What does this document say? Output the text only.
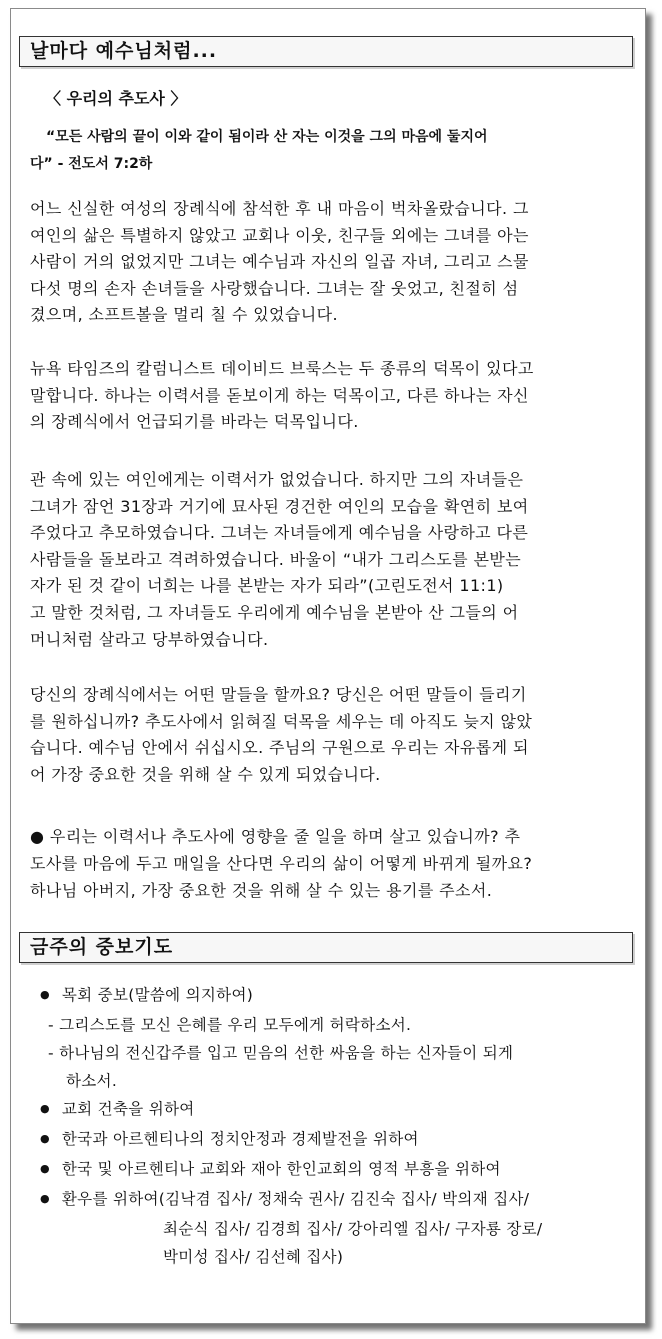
날마다 예수님처럼...
〈 우리의 추도사 〉
“모든 사람의 끝이 이와 같이 됨이라 산 자는 이것을 그의 마음에 둘지어
다” - 전도서 7:2하
어느 신실한 여성의 장례식에 참석한 후 내 마음이 벅차올랐습니다. 그
여인의 삶은 특별하지 않았고 교회나 이웃, 친구들 외에는 그녀를 아는
사람이 거의 없었지만 그녀는 예수님과 자신의 일곱 자녀, 그리고 스물
다섯 명의 손자 손녀들을 사랑했습니다. 그녀는 잘 웃었고, 친절히 섬
겼으며, 소프트볼을 멀리 칠 수 있었습니다.
뉴욕 타임즈의 칼럼니스트 데이비드 브룩스는 두 종류의 덕목이 있다고
말합니다. 하나는 이력서를 돋보이게 하는 덕목이고, 다른 하나는 자신
의 장례식에서 언급되기를 바라는 덕목입니다.
관 속에 있는 여인에게는 이력서가 없었습니다. 하지만 그의 자녀들은
그녀가 잠언 31장과 거기에 묘사된 경건한 여인의 모습을 확연히 보여
주었다고 추모하였습니다. 그녀는 자녀들에게 예수님을 사랑하고 다른
사람들을 돌보라고 격려하였습니다. 바울이 “내가 그리스도를 본받는
자가 된 것 같이 너희는 나를 본받는 자가 되라”(고린도전서 11:1)
고 말한 것처럼, 그 자녀들도 우리에게 예수님을 본받아 산 그들의 어
머니처럼 살라고 당부하였습니다.
당신의 장례식에서는 어떤 말들을 할까요? 당신은 어떤 말들이 들리기
를 원하십니까? 추도사에서 읽혀질 덕목을 세우는 데 아직도 늦지 않았
습니다. 예수님 안에서 쉬십시오. 주님의 구원으로 우리는 자유롭게 되
어 가장 중요한 것을 위해 살 수 있게 되었습니다.
● 우리는 이력서나 추도사에 영향을 줄 일을 하며 살고 있습니까? 추
도사를 마음에 두고 매일을 산다면 우리의 삶이 어떻게 바뀌게 될까요?
하나님 아버지, 가장 중요한 것을 위해 살 수 있는 용기를 주소서.
금주의 중보기도
● 목회 중보(말씀에 의지하여)
- 그리스도를 모신 은혜를 우리 모두에게 허락하소서.
- 하나님의 전신갑주를 입고 믿음의 선한 싸움을 하는 신자들이 되게
하소서.
● 교회 건축을 위하여
● 한국과 아르헨티나의 정치안정과 경제발전을 위하여
● 한국 및 아르헨티나 교회와 재아 한인교회의 영적 부흥을 위하여
● 환우를 위하여(김낙겸 집사/ 정채숙 권사/ 김진숙 집사/ 박의재 집사/
최순식 집사/ 김경희 집사/ 강아리엘 집사/ 구자룡 장로/
박미성 집사/ 김선혜 집사)
